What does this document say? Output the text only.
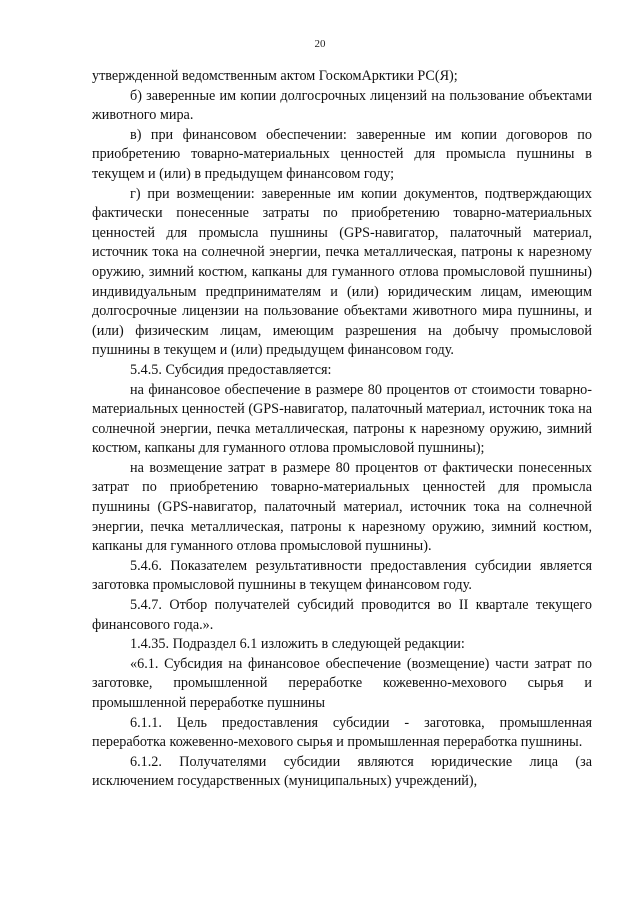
20

утвержденной ведомственным актом ГоскомАрктики РС(Я);

б) заверенные им копии долгосрочных лицензий на пользование объектами животного мира.

в) при финансовом обеспечении: заверенные им копии договоров по приобретению товарно-материальных ценностей для промысла пушнины в текущем и (или) в предыдущем финансовом году;

г) при возмещении: заверенные им копии документов, подтверждающих фактически понесенные затраты по приобретению товарно-материальных ценностей для промысла пушнины (GPS-навигатор, палаточный материал, источник тока на солнечной энергии, печка металлическая, патроны к нарезному оружию, зимний костюм, капканы для гуманного отлова промысловой пушнины) индивидуальным предпринимателям и (или) юридическим лицам, имеющим долгосрочные лицензии на пользование объектами животного мира пушнины, и (или) физическим лицам, имеющим разрешения на добычу промысловой пушнины в текущем и (или) предыдущем финансовом году.

5.4.5. Субсидия предоставляется:

на финансовое обеспечение в размере 80 процентов от стоимости товарно-материальных ценностей (GPS-навигатор, палаточный материал, источник тока на солнечной энергии, печка металлическая, патроны к нарезному оружию, зимний костюм, капканы для гуманного отлова промысловой пушнины);

на возмещение затрат в размере 80 процентов от фактически понесенных затрат по приобретению товарно-материальных ценностей для промысла пушнины (GPS-навигатор, палаточный материал, источник тока на солнечной энергии, печка металлическая, патроны к нарезному оружию, зимний костюм, капканы для гуманного отлова промысловой пушнины).

5.4.6. Показателем результативности предоставления субсидии является заготовка промысловой пушнины в текущем финансовом году.

5.4.7. Отбор получателей субсидий проводится во II квартале текущего финансового года.».

1.4.35. Подраздел 6.1 изложить в следующей редакции:

«6.1. Субсидия на финансовое обеспечение (возмещение) части затрат по заготовке, промышленной переработке кожевенно-мехового сырья и промышленной переработке пушнины

6.1.1. Цель предоставления субсидии - заготовка, промышленная переработка кожевенно-мехового сырья и промышленная переработка пушнины.

6.1.2. Получателями субсидии являются юридические лица (за исключением государственных (муниципальных) учреждений),
